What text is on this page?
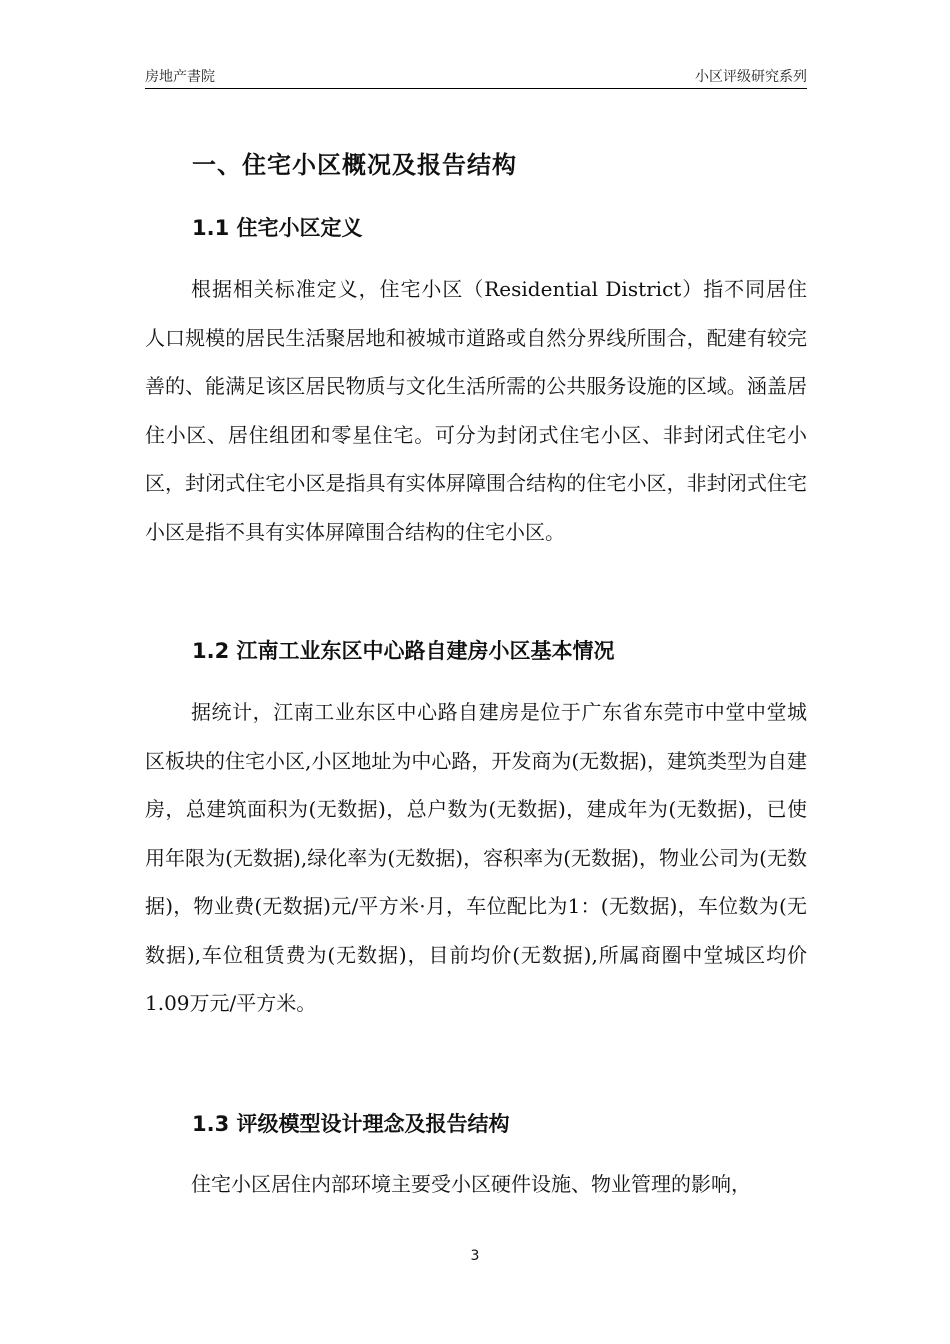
房地产書院	小区评级研究系列
一、住宅小区概况及报告结构
1.1 住宅小区定义

根据相关标准定义，住宅小区（Residential District）指不同居住人口规模的居民生活聚居地和被城市道路或自然分界线所围合，配建有较完善的、能满足该区居民物质与文化生活所需的公共服务设施的区域。涵盖居住小区、居住组团和零星住宅。可分为封闭式住宅小区、非封闭式住宅小区，封闭式住宅小区是指具有实体屏障围合结构的住宅小区，非封闭式住宅小区是指不具有实体屏障围合结构的住宅小区。

1.2 江南工业东区中心路自建房小区基本情况

据统计，江南工业东区中心路自建房是位于广东省东莞市中堂中堂城区板块的住宅小区,小区地址为中心路，开发商为(无数据)，建筑类型为自建房，总建筑面积为(无数据)，总户数为(无数据)，建成年为(无数据)，已使用年限为(无数据),绿化率为(无数据)，容积率为(无数据)，物业公司为(无数据)，物业费(无数据)元/平方米·月，车位配比为1：(无数据)，车位数为(无数据),车位租赁费为(无数据)，目前均价(无数据),所属商圈中堂城区均价1.09万元/平方米。

1.3 评级模型设计理念及报告结构

住宅小区居住内部环境主要受小区硬件设施、物业管理的影响，

3
